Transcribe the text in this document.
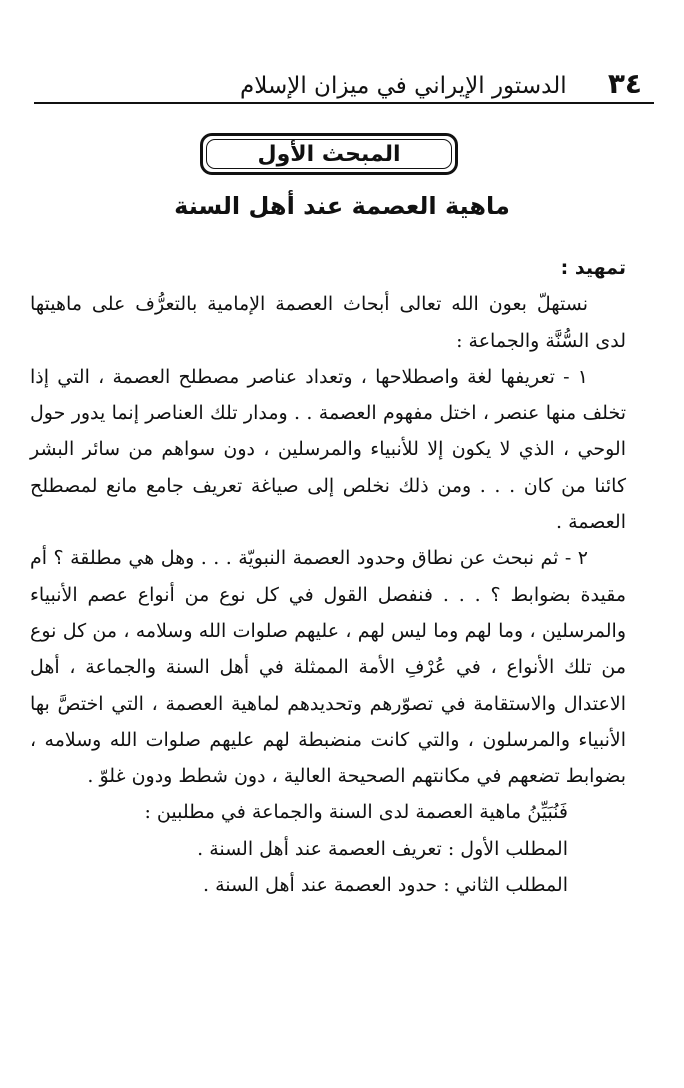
٣٤
الدستور الإيراني في ميزان الإسلام
المبحث الأول
ماهية العصمة عند أهل السنة

تمهيد :

نستهلّ بعون الله تعالى أبحاث العصمة الإمامية بالتعرُّف على ماهيتها لدى السُّنَّة والجماعة :

١ - تعريفها لغة واصطلاحها ، وتعداد عناصر مصطلح العصمة ، التي إذا تخلف منها عنصر ، اختل مفهوم العصمة . . ومدار تلك العناصر إنما يدور حول الوحي ، الذي لا يكون إلا للأنبياء والمرسلين ، دون سواهم من سائر البشر كائنا من كان . . . ومن ذلك نخلص إلى صياغة تعريف جامع مانع لمصطلح العصمة .

٢ - ثم نبحث عن نطاق وحدود العصمة النبويّة . . . وهل هي مطلقة ؟ أم مقيدة بضوابط ؟ . . . فنفصل القول في كل نوع من أنواع عصم الأنبياء والمرسلين ، وما لهم وما ليس لهم ، عليهم صلوات الله وسلامه ، من كل نوع من تلك الأنواع ، في عُرْفِ الأمة الممثلة في أهل السنة والجماعة ، أهل الاعتدال والاستقامة في تصوّرهم وتحديدهم لماهية العصمة ، التي اختصَّ بها الأنبياء والمرسلون ، والتي كانت منضبطة لهم عليهم صلوات الله وسلامه ، بضوابط تضعهم في مكانتهم الصحيحة العالية ، دون شطط ودون غلوّ .

فَنُبَيِّنُ ماهية العصمة لدى السنة والجماعة في مطلبين :

المطلب الأول : تعريف العصمة عند أهل السنة .

المطلب الثاني : حدود العصمة عند أهل السنة .
